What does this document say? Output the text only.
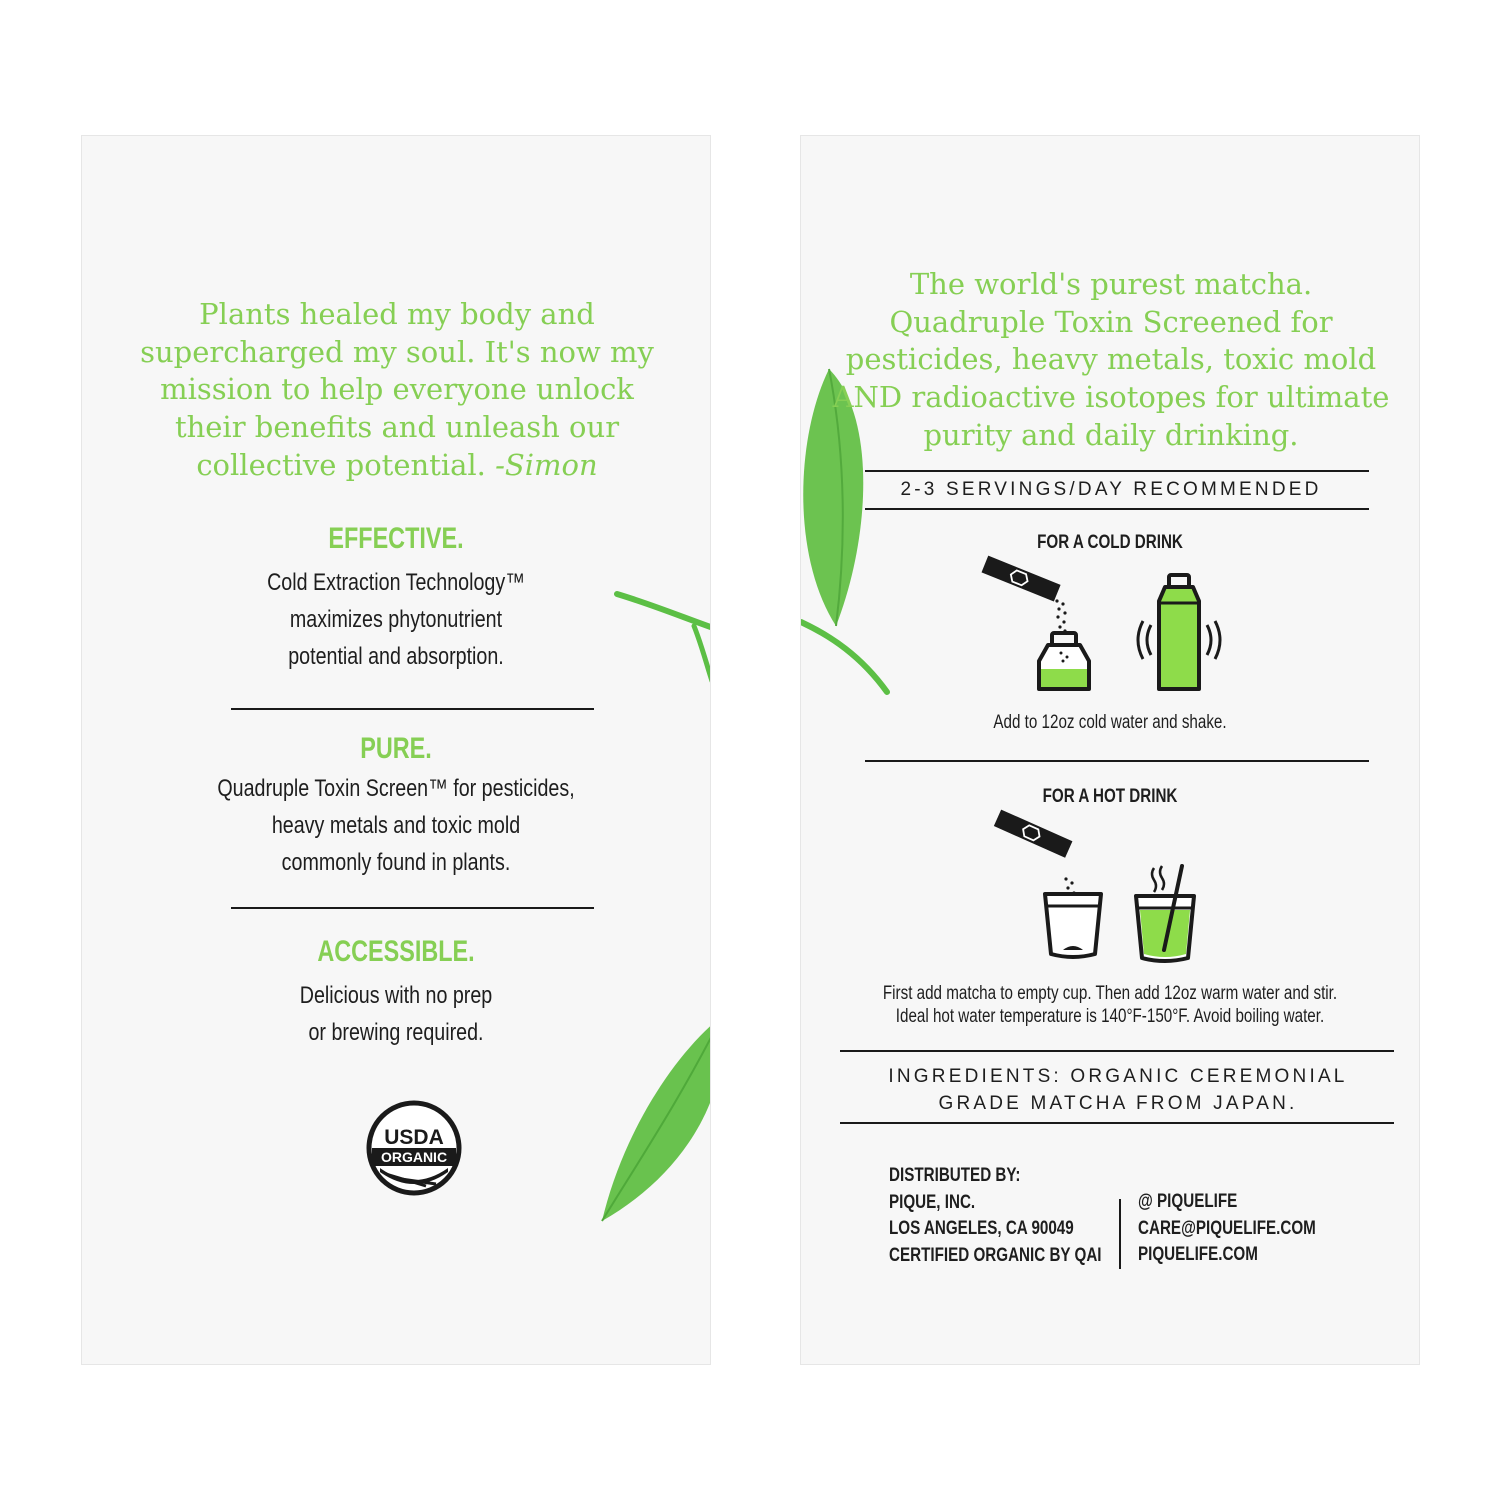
Plants healed my body and
supercharged my soul. It's now my
mission to help everyone unlock
their benefits and unleash our
collective potential. -Simon
EFFECTIVE.
Cold Extraction Technology™
maximizes phytonutrient
potential and absorption.
PURE.
Quadruple Toxin Screen™ for pesticides,
heavy metals and toxic mold
commonly found in plants.
ACCESSIBLE.
Delicious with no prep
or brewing required.
USDA
ORGANIC
The world's purest matcha.
Quadruple Toxin Screened for
pesticides, heavy metals, toxic mold
AND radioactive isotopes for ultimate
purity and daily drinking.

2-3 SERVINGS/DAY RECOMMENDED

FOR A COLD DRINK

Add to 12oz cold water and shake.

FOR A HOT DRINK

First add matcha to empty cup. Then add 12oz warm water and stir.
Ideal hot water temperature is 140°F-150°F. Avoid boiling water.
INGREDIENTS: ORGANIC CEREMONIAL
GRADE MATCHA FROM JAPAN.
DISTRIBUTED BY:
PIQUE, INC.
LOS ANGELES, CA 90049
CERTIFIED ORGANIC BY QAI
@ PIQUELIFE
CARE@PIQUELIFE.COM
PIQUELIFE.COM
